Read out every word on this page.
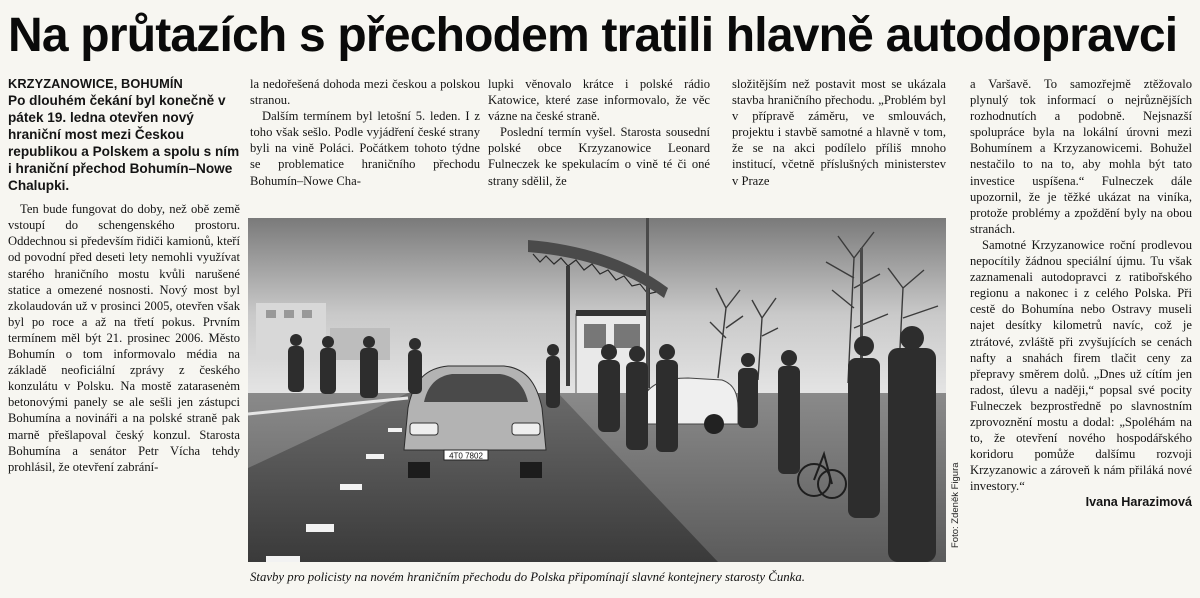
Na průtazích s přechodem tratili hlavně autodopravci
KRZYZANOWICE, BOHUMÍN
Po dlouhém čekání byl konečně v pátek 19. ledna otevřen nový hraniční most mezi Českou republikou a Polskem a spolu s ním i hraniční přechod Bohumín–Nowe Chalupki.

Ten bude fungovat do doby, než obě země vstoupí do schengenského prostoru. Oddechnou si především řidiči kamionů, kteří od povodní před deseti lety nemohli využívat starého hraničního mostu kvůli narušené statice a omezené nosnosti. Nový most byl zkolaudován už v prosinci 2005, otevřen však byl po roce a až na třetí pokus. Prvním termínem měl být 21. prosinec 2006. Město Bohumín o tom informovalo média na základě neoficiální zprávy z českého konzulátu v Polsku. Na mostě zatarasenėm betonovými panely se ale sešli jen zástupci Bohumína a novináři a na polské straně pak marně přešlapoval český konzul. Starosta Bohumína a senátor Petr Vícha tehdy prohlásil, že otevření zabrání-

la nedořešená dohoda mezi českou a polskou stranou.

Dalším termínem byl letošní 5. leden. I z toho však sešlo. Podle vyjádření české strany byli na vině Poláci. Počátkem tohoto týdne se problematice hraničního přechodu Bohumín–Nowe Cha-

lupki věnovalo krátce i polské rádio Katowice, které zase informovalo, že věc vázne na české straně.

Poslední termín vyšel. Starosta sousední polské obce Krzyzanowice Leonard Fulneczek ke spekulacím o vině té či oné strany sdělil, že

složitějším než postavit most se ukázala stavba hraničního přechodu. „Problém byl v přípravě záměru, ve smlouvách, projektu i stavbě samotné a hlavně v tom, že se na akci podílelo příliš mnoho institucí, včetně příslušných ministerstev v Praze

a Varšavě. To samozřejmě ztěžovalo plynulý tok informací o nejrůznějších rozhodnutích a podobně. Nejsnazší spolupráce byla na lokální úrovni mezi Bohumínem a Krzyzanowicemi. Bohužel nestačilo to na to, aby mohla být tato investice uspíšena.“ Fulneczek dále upozornil, že je těžké ukázat na viníka, protože problémy a zpoždění byly na obou stranách.

Samotné Krzyzanowice roční prodlevou nepocítily žádnou speciální újmu. Tu však zaznamenali autodopravci z ratibořského regionu a nakonec i z celého Polska. Při cestě do Bohumína nebo Ostravy museli najet desítky kilometrů navíc, což je ztrátové, zvláště při zvyšujících se cenách nafty a snahách firem tlačit ceny za přepravy směrem dolů. „Dnes už cítím jen radost, úlevu a naději,“ popsal své pocity Fulneczek bezprostředně po slavnostním zprovoznění mostu a dodal: „Spoléhám na to, že otevření nového hospodářského koridoru pomůže dalšímu rozvoji Krzyzanowic a zároveň k nám přiláká nové investory.“

Ivana Harazimová
4T0 7802
Foto: Zdeněk Figura
Stavby pro policisty na novém hraničním přechodu do Polska připomínají slavné kontejnery starosty Čunka.
